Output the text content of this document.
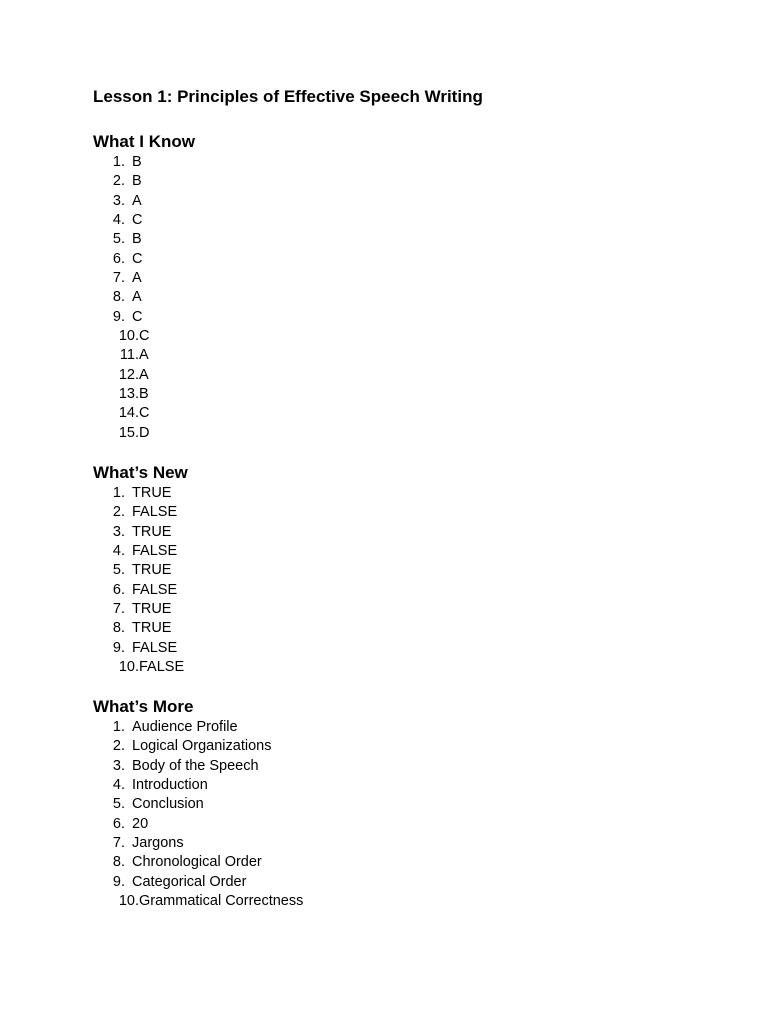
Lesson 1: Principles of Effective Speech Writing
What I Know
1. B
2. B
3. A
4. C
5. B
6. C
7. A
8. A
9. C
10. C
11. A
12. A
13. B
14. C
15. D
What’s New
1. TRUE
2. FALSE
3. TRUE
4. FALSE
5. TRUE
6. FALSE
7. TRUE
8. TRUE
9. FALSE
10. FALSE
What’s More
1. Audience Profile
2. Logical Organizations
3. Body of the Speech
4. Introduction
5. Conclusion
6. 20
7. Jargons
8. Chronological Order
9. Categorical Order
10. Grammatical Correctness
